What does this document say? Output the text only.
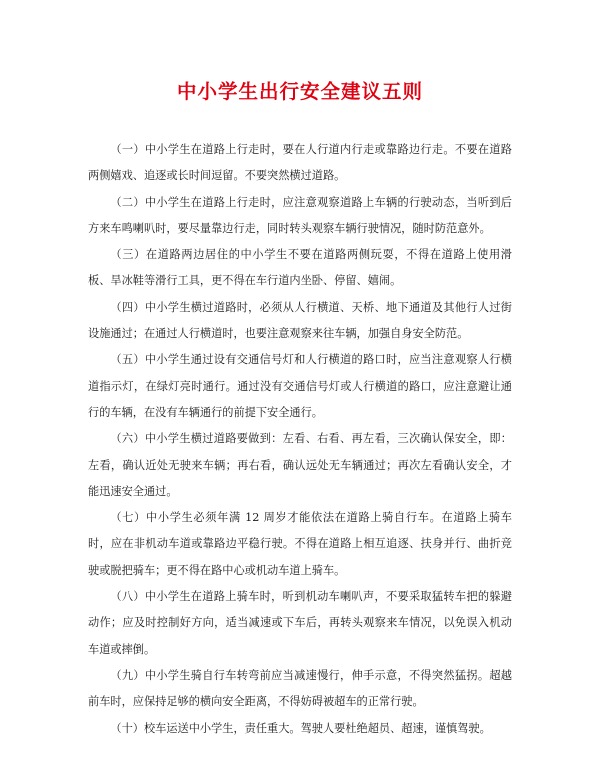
中小学生出行安全建议五则

（一）中小学生在道路上行走时，要在人行道内行走或靠路边行走。不要在道路两侧嬉戏、追逐或长时间逗留。不要突然横过道路。

（二）中小学生在道路上行走时，应注意观察道路上车辆的行驶动态，当听到后方来车鸣喇叭时，要尽量靠边行走，同时转头观察车辆行驶情况，随时防范意外。

（三）在道路两边居住的中小学生不要在道路两侧玩耍，不得在道路上使用滑板、旱冰鞋等滑行工具，更不得在车行道内坐卧、停留、嬉闹。

（四）中小学生横过道路时，必须从人行横道、天桥、地下通道及其他行人过街设施通过；在通过人行横道时，也要注意观察来往车辆，加强自身安全防范。

（五）中小学生通过设有交通信号灯和人行横道的路口时，应当注意观察人行横道指示灯，在绿灯亮时通行。通过没有交通信号灯或人行横道的路口，应注意避让通行的车辆，在没有车辆通行的前提下安全通行。

（六）中小学生横过道路要做到：左看、右看、再左看，三次确认保安全，即：左看，确认近处无驶来车辆；再右看，确认远处无车辆通过；再次左看确认安全，才能迅速安全通过。

（七）中小学生必须年满 12 周岁才能依法在道路上骑自行车。在道路上骑车时，应在非机动车道或靠路边平稳行驶。不得在道路上相互追逐、扶身并行、曲折竞驶或脱把骑车；更不得在路中心或机动车道上骑车。

（八）中小学生在道路上骑车时，听到机动车喇叭声，不要采取猛转车把的躲避动作；应及时控制好方向，适当减速或下车后，再转头观察来车情况，以免误入机动车道或摔倒。

（九）中小学生骑自行车转弯前应当减速慢行，伸手示意，不得突然猛拐。超越前车时，应保持足够的横向安全距离，不得妨碍被超车的正常行驶。

（十）校车运送中小学生，责任重大。驾驶人要杜绝超员、超速，谨慎驾驶。
